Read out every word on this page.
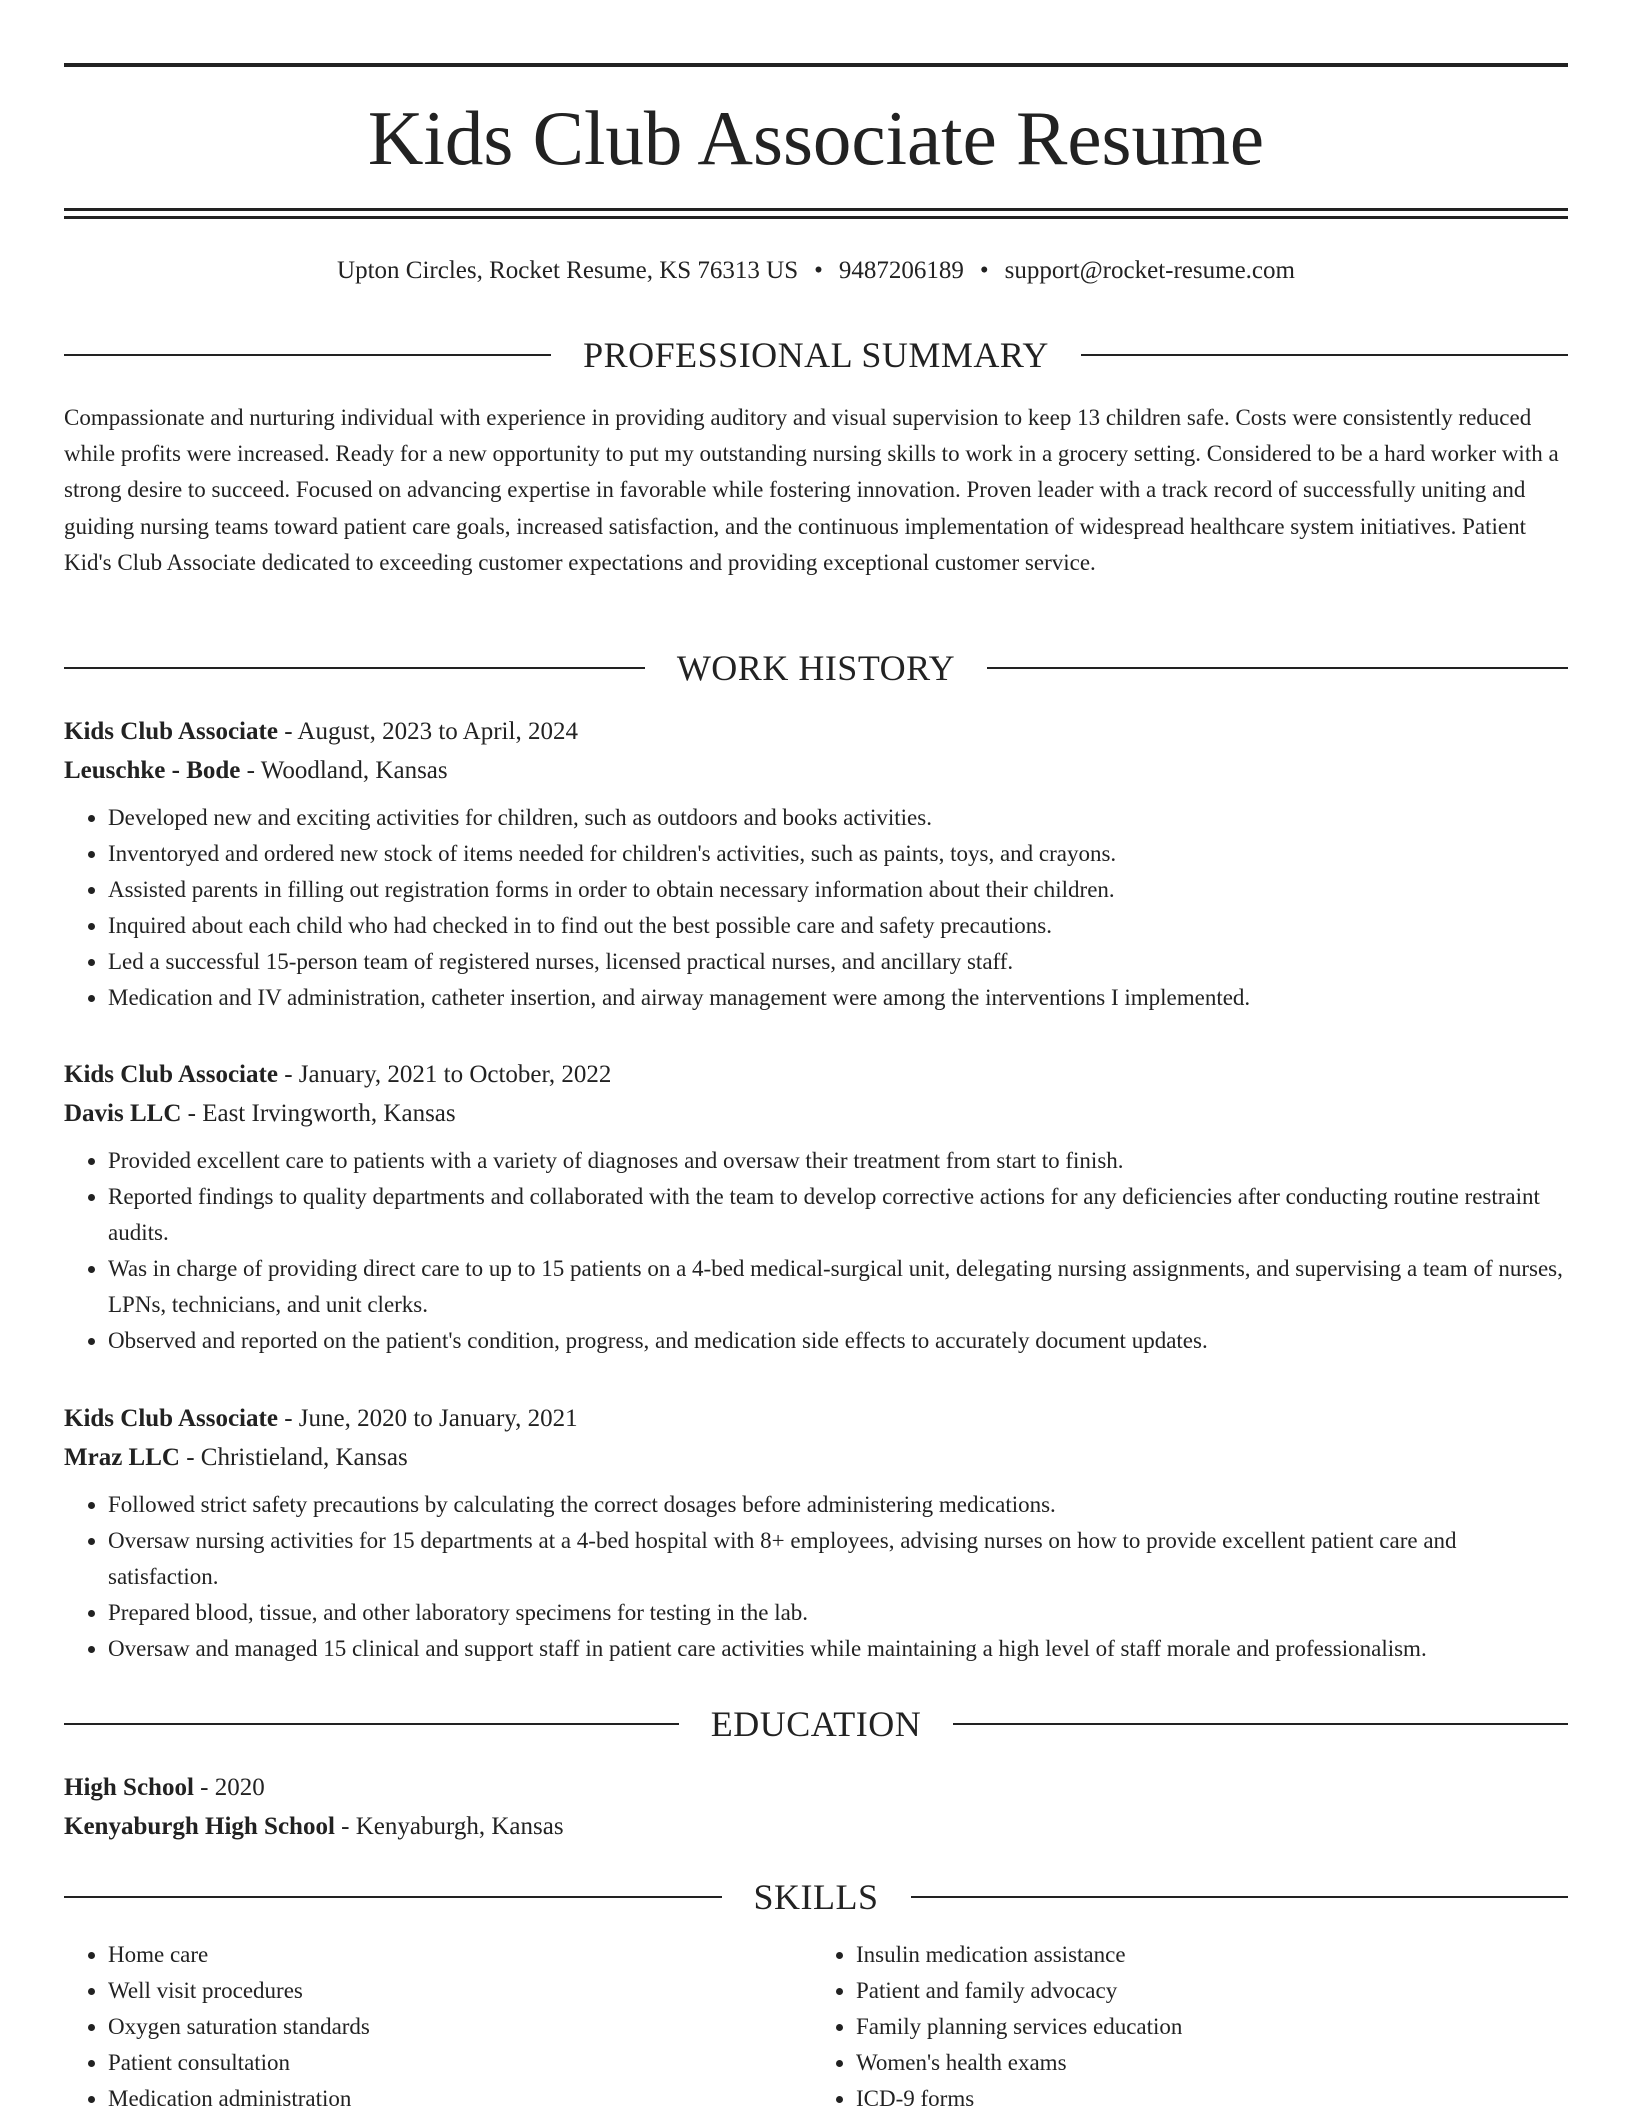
Kids Club Associate Resume
Upton Circles, Rocket Resume, KS 76313 US • 9487206189 • support@rocket-resume.com
PROFESSIONAL SUMMARY

Compassionate and nurturing individual with experience in providing auditory and visual supervision to keep 13 children safe. Costs were consistently reduced while profits were increased. Ready for a new opportunity to put my outstanding nursing skills to work in a grocery setting. Considered to be a hard worker with a strong desire to succeed. Focused on advancing expertise in favorable while fostering innovation. Proven leader with a track record of successfully uniting and guiding nursing teams toward patient care goals, increased satisfaction, and the continuous implementation of widespread healthcare system initiatives. Patient Kid's Club Associate dedicated to exceeding customer expectations and providing exceptional customer service.

WORK HISTORY
Kids Club Associate - August, 2023 to April, 2024
Leuschke - Bode - Woodland, Kansas
• Developed new and exciting activities for children, such as outdoors and books activities.
• Inventoryed and ordered new stock of items needed for children's activities, such as paints, toys, and crayons.
• Assisted parents in filling out registration forms in order to obtain necessary information about their children.
• Inquired about each child who had checked in to find out the best possible care and safety precautions.
• Led a successful 15-person team of registered nurses, licensed practical nurses, and ancillary staff.
• Medication and IV administration, catheter insertion, and airway management were among the interventions I implemented.
Kids Club Associate - January, 2021 to October, 2022
Davis LLC - East Irvingworth, Kansas
• Provided excellent care to patients with a variety of diagnoses and oversaw their treatment from start to finish.
• Reported findings to quality departments and collaborated with the team to develop corrective actions for any deficiencies after conducting routine restraint audits.
• Was in charge of providing direct care to up to 15 patients on a 4-bed medical-surgical unit, delegating nursing assignments, and supervising a team of nurses, LPNs, technicians, and unit clerks.
• Observed and reported on the patient's condition, progress, and medication side effects to accurately document updates.
Kids Club Associate - June, 2020 to January, 2021
Mraz LLC - Christieland, Kansas
• Followed strict safety precautions by calculating the correct dosages before administering medications.
• Oversaw nursing activities for 15 departments at a 4-bed hospital with 8+ employees, advising nurses on how to provide excellent patient care and satisfaction.
• Prepared blood, tissue, and other laboratory specimens for testing in the lab.
• Oversaw and managed 15 clinical and support staff in patient care activities while maintaining a high level of staff morale and professionalism.
EDUCATION
High School - 2020
Kenyaburgh High School - Kenyaburgh, Kansas
SKILLS
• Home care
• Well visit procedures
• Oxygen saturation standards
• Patient consultation
• Medication administration
• Insulin medication assistance
• Patient and family advocacy
• Family planning services education
• Women's health exams
• ICD-9 forms
